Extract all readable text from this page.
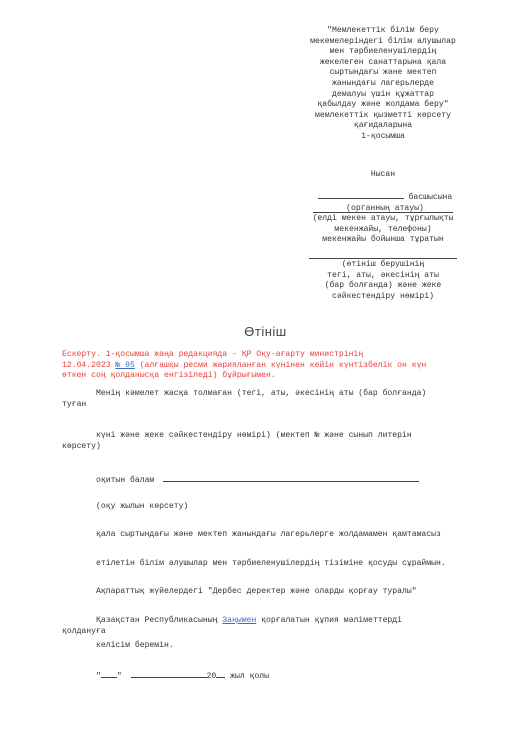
"Мемлекеттік білім беру
мекемелеріндегі білім алушылар
мен тәрбиеленушілердің
жекелеген санаттарына қала
сыртындағы және мектеп
жанындағы лагерьлерде
демалуы үшін құжаттар
қабылдау және жолдама беру"
мемлекеттік қызметті көрсету
қағидаларына
1-қосымша
Нысан
басшысына
(органның атауы)
(елді мекен атауы, тұрғылықты
мекенжайы, телефоны)
мекенжайы бойынша тұратын
(өтініш берушінің
тегі, аты, әкесінің аты
(бар болғанда) және жеке
сәйкестендіру нөмірі)
Өтініш
Ескерту. 1-қосымша жаңа редакцияда - ҚР Оқу-ағарту министрінің
12.04.2023 № 95 (алғашқы ресми жарияланған күнінен кейін күнтізбелік он күн
өткен соң қолданысқа енгізіледі) бұйрығымен.
Менің кәмелет жасқа толмаған (тегі, аты, әкесінің аты (бар болғанда)
туған
күні және жеке сәйкестендіру нөмірі) (мектеп № және сынып литерін
көрсету)
оқитын балам
(оқу жылын көрсету)
қала сыртындағы және мектеп жанындағы лагерьлерге жолдамамен қамтамасыз
етілетін білім алушылар мен тәрбиеленушілердің тізіміне қосуды сұраймын.
Ақпараттық жүйелердегі "Дербес деректер және оларды қорғау туралы"
Қазақстан Республикасының Заңымен қорғалатын құпия мәліметтерді
қолдануға
келісім беремін.
" "	20 жыл қолы
